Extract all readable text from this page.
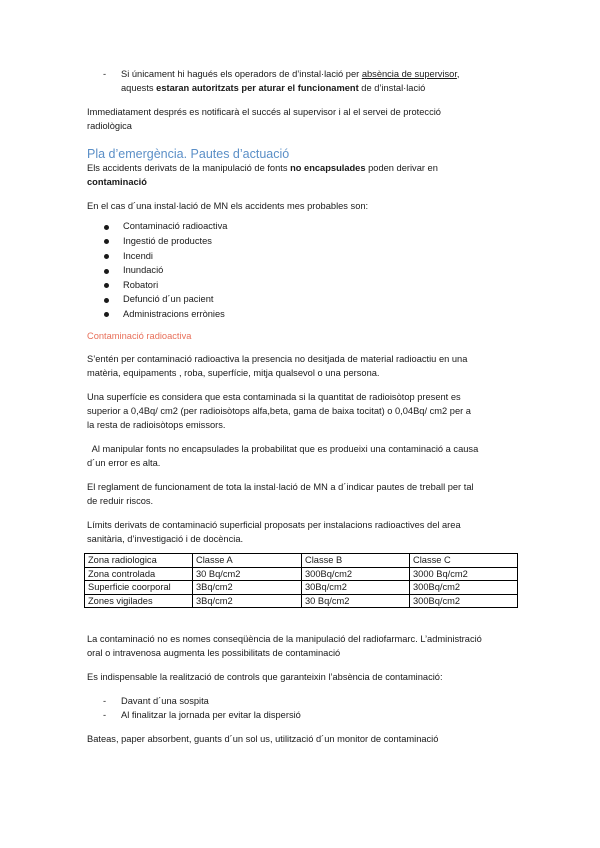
- Si únicament hi hagués els operadors de d’instal·lació per absència de supervisor,
aquests estaran autoritzats per aturar el funcionament de d’instal·lació
Immediatament després es notificarà el succés al supervisor i al el servei de protecció
radiològica
Pla d’emergència. Pautes d’actuació
Els accidents derivats de la manipulació de fonts no encapsulades poden derivar en
contaminació
En el cas d´una instal·lació de MN els accidents mes probables son:
Contaminació radioactiva
Ingestió de productes
Incendi
Inundació
Robatori
Defunció d´un pacient
Administracions errònies
Contaminació radioactiva
S’entén per contaminació radioactiva la presencia no desitjada de material radioactiu en una
matèria, equipaments , roba, superfície, mitja qualsevol o una persona.
Una superfície es considera que esta contaminada si la quantitat de radioisòtop present es
superior a 0,4Bq/ cm2 (per radioisòtops alfa,beta, gama de baixa tocitat) o 0,04Bq/ cm2 per a
la resta de radioisòtops emissors.
Al manipular fonts no encapsulades la probabilitat que es produeixi una contaminació a causa
d´un error es alta.
El reglament de funcionament de tota la instal·lació de MN a d´indicar pautes de treball per tal
de reduir riscos.
Límits derivats de contaminació superficial proposats per instalacions radioactives del area
sanitària, d’investigació i de docència.
Zona radiologica	Classe A	Classe B	Classe C
Zona controlada	30 Bq/cm2	300Bq/cm2	3000 Bq/cm2
Superficie coorporal	3Bq/cm2	30Bq/cm2	300Bq/cm2
Zones vigilades	3Bq/cm2	30 Bq/cm2	300Bq/cm2
La contaminació no es nomes conseqüència de la manipulació del radiofarmarc. L’administració
oral o intravenosa augmenta les possibilitats de contaminació
Es indispensable la realització de controls que garanteixin l’absència de contaminació:
- Davant d´una sospita
- Al finalitzar la jornada per evitar la dispersió
Bateas, paper absorbent, guants d´un sol us, utilització d´un monitor de contaminació
